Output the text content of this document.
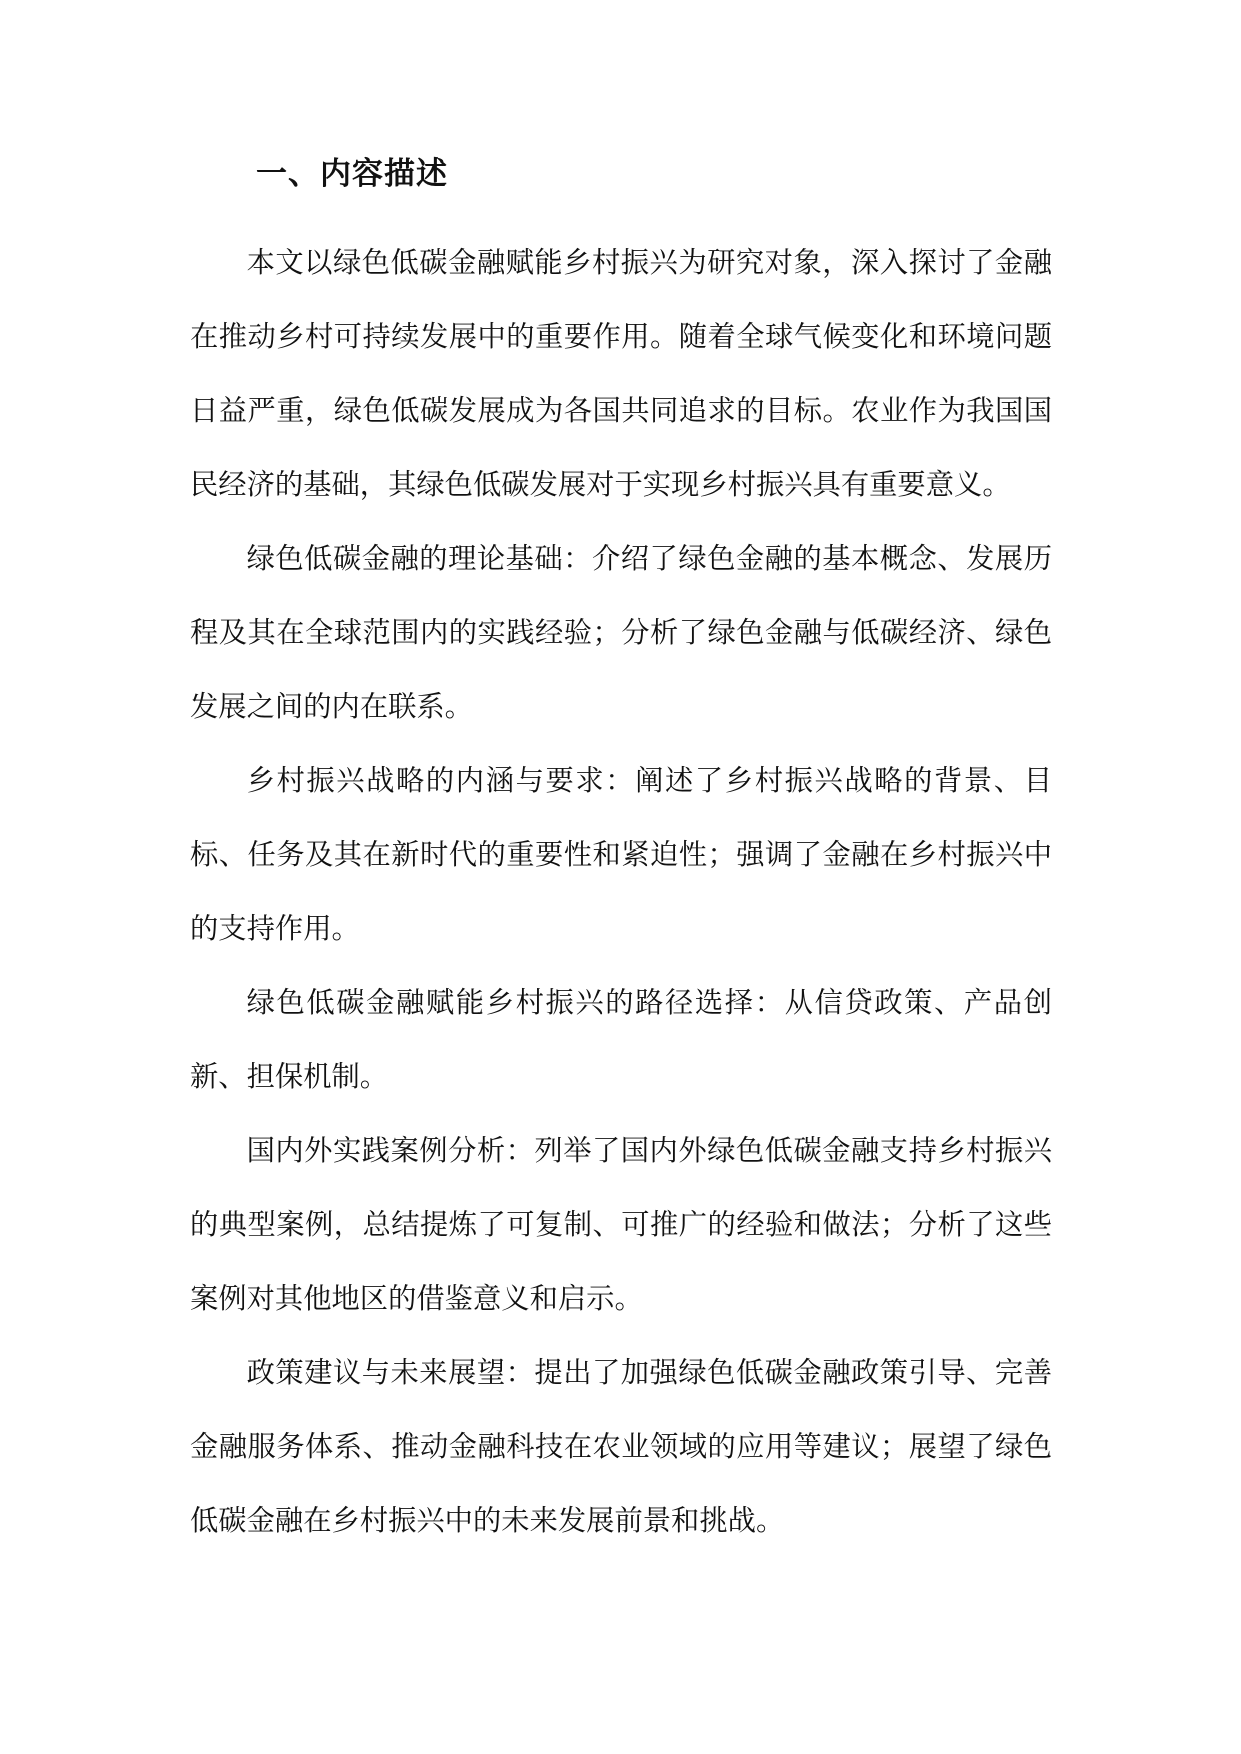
一、内容描述

本文以绿色低碳金融赋能乡村振兴为研究对象，深入探讨了金融在推动乡村可持续发展中的重要作用。随着全球气候变化和环境问题日益严重，绿色低碳发展成为各国共同追求的目标。农业作为我国国民经济的基础，其绿色低碳发展对于实现乡村振兴具有重要意义。

绿色低碳金融的理论基础：介绍了绿色金融的基本概念、发展历程及其在全球范围内的实践经验；分析了绿色金融与低碳经济、绿色发展之间的内在联系。

乡村振兴战略的内涵与要求：阐述了乡村振兴战略的背景、目标、任务及其在新时代的重要性和紧迫性；强调了金融在乡村振兴中的支持作用。

绿色低碳金融赋能乡村振兴的路径选择：从信贷政策、产品创新、担保机制。

国内外实践案例分析：列举了国内外绿色低碳金融支持乡村振兴的典型案例，总结提炼了可复制、可推广的经验和做法；分析了这些案例对其他地区的借鉴意义和启示。

政策建议与未来展望：提出了加强绿色低碳金融政策引导、完善金融服务体系、推动金融科技在农业领域的应用等建议；展望了绿色低碳金融在乡村振兴中的未来发展前景和挑战。
